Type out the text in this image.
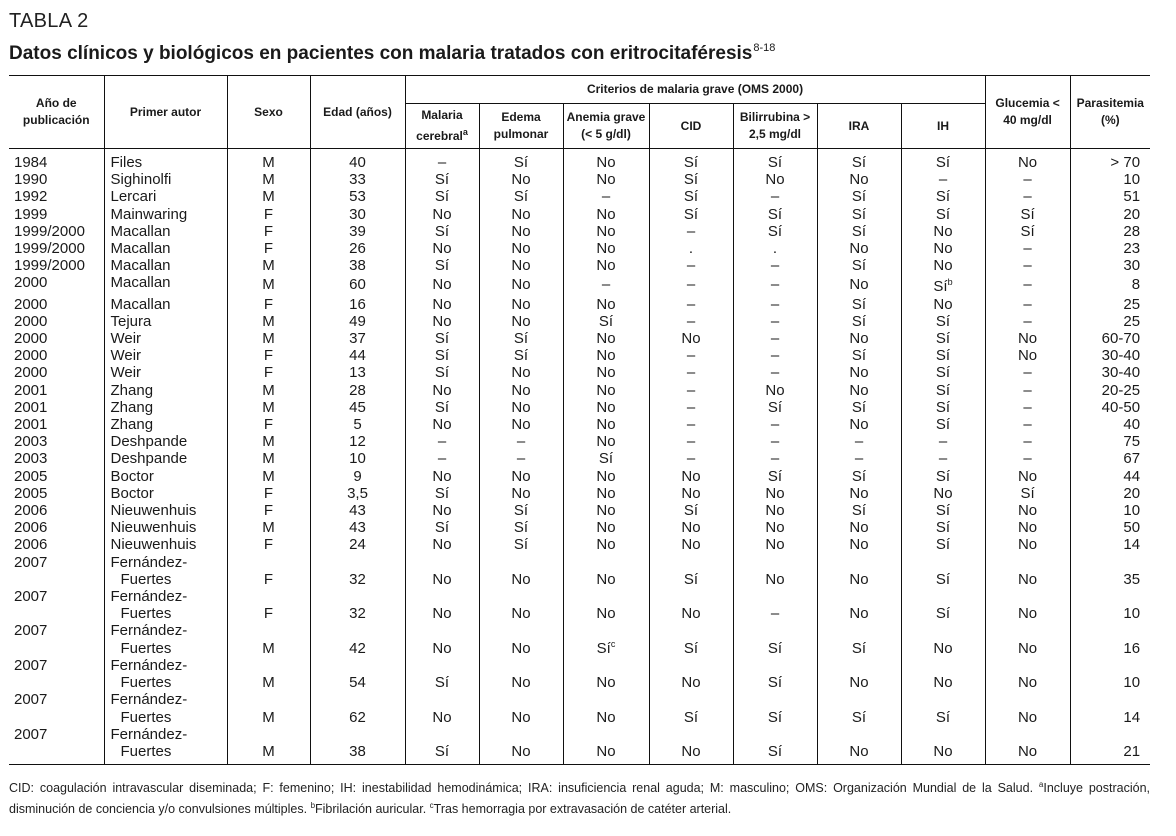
TABLA 2
Datos clínicos y biológicos en pacientes con malaria tratados con eritrocitaféresis$^{8-18}$
Año de publicación	Primer autor	Sexo	Edad (años)	Criterios de malaria grave (OMS 2000)							Glucemia < 40 mg/dl	Parasitemia (%)
				Malaria cerebral$^a$	Edema pulmonar	Anemia grave (< 5 g/dl)	CID	Bilirrubina > 2,5 mg/dl	IRA	IH		
1984	Files	M	40	–	Sí	No	Sí	Sí	Sí	Sí	No	> 70
1990	Sighinolfi	M	33	Sí	No	No	Sí	No	No	–	–	10
1992	Lercari	M	53	Sí	Sí	–	Sí	–	Sí	Sí	–	51
1999	Mainwaring	F	30	No	No	No	Sí	Sí	Sí	Sí	Sí	20
1999/2000	Macallan	F	39	Sí	No	No	–	Sí	Sí	No	Sí	28
1999/2000	Macallan	F	26	No	No	No	.	.	No	No	–	23
1999/2000	Macallan	M	38	Sí	No	No	–	–	Sí	No	–	30
2000	Macallan	M	60	No	No	–	–	–	No	$Sí^b$	–	8
2000	Macallan	F	16	No	No	No	–	–	Sí	No	–	25
2000	Tejura	M	49	No	No	Sí	–	–	Sí	Sí	–	25
2000	Weir	M	37	Sí	Sí	No	No	–	No	Sí	No	60-70
2000	Weir	F	44	Sí	Sí	No	–	–	Sí	Sí	No	30-40
2000	Weir	F	13	Sí	No	No	–	–	No	Sí	–	30-40
2001	Zhang	M	28	No	No	No	–	No	No	Sí	–	20-25
2001	Zhang	M	45	Sí	No	No	–	Sí	Sí	Sí	–	40-50
2001	Zhang	F	5	No	No	No	–	–	No	Sí	–	40
2003	Deshpande	M	12	–	–	No	–	–	–	–	–	75
2003	Deshpande	M	10	–	–	Sí	–	–	–	–	–	67
2005	Boctor	M	9	No	No	No	No	Sí	Sí	Sí	No	44
2005	Boctor	F	3,5	Sí	No	No	No	No	No	No	Sí	20
2006	Nieuwenhuis	F	43	No	Sí	No	Sí	No	Sí	Sí	No	10
2006	Nieuwenhuis	M	43	Sí	Sí	No	No	No	No	Sí	No	50
2006	Nieuwenhuis	F	24	No	Sí	No	No	No	No	Sí	No	14
2007	Fernández-
Fuertes	F	32	No	No	No	Sí	No	No	Sí	No	35
2007	Fernández-
Fuertes	F	32	No	No	No	No	–	No	Sí	No	10
2007	Fernández-
Fuertes	M	42	No	No	$Sí^c$	Sí	Sí	Sí	No	No	16
2007	Fernández-
Fuertes	M	54	Sí	No	No	No	Sí	No	No	No	10
2007	Fernández-
Fuertes	M	62	No	No	No	Sí	Sí	Sí	Sí	No	14
2007	Fernández-
Fuertes	M	38	Sí	No	No	No	Sí	No	No	No	21
CID: coagulación intravascular diseminada; F: femenino; IH: inestabilidad hemodinámica; IRA: insuficiencia renal aguda; M: masculino; OMS: Organización Mundial de la Salud. $^a$Incluye postración, disminución de conciencia y/o convulsiones múltiples. $^b$Fibrilación auricular. $^c$Tras hemorragia por extravasación de catéter arterial.
